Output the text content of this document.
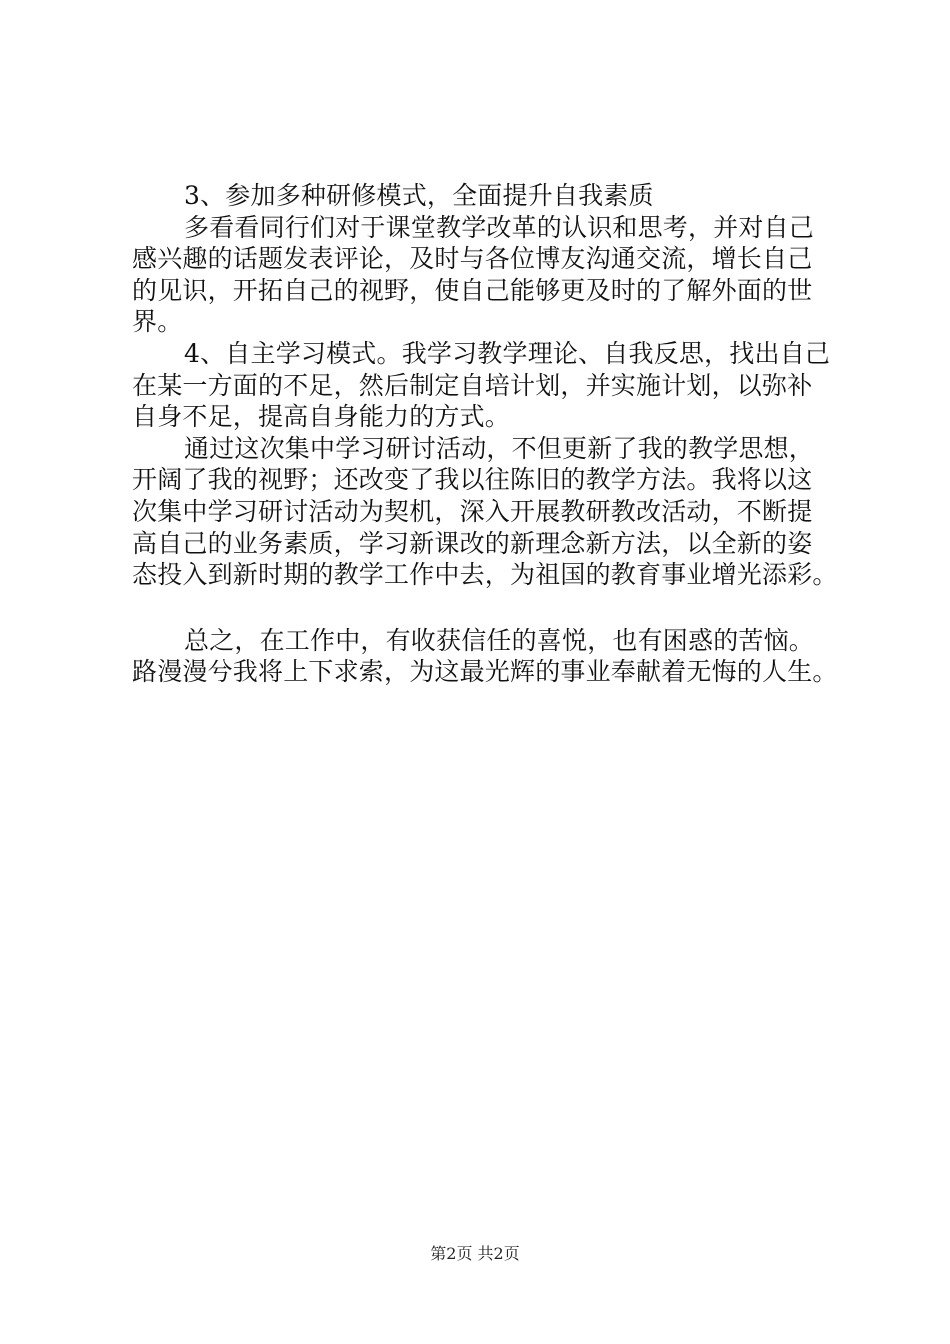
3、参加多种研修模式，全面提升自我素质
多看看同行们对于课堂教学改革的认识和思考，并对自己
感兴趣的话题发表评论，及时与各位博友沟通交流，增长自己
的见识，开拓自己的视野，使自己能够更及时的了解外面的世
界。
4、自主学习模式。我学习教学理论、自我反思，找出自己
在某一方面的不足，然后制定自培计划，并实施计划，以弥补
自身不足，提高自身能力的方式。
通过这次集中学习研讨活动，不但更新了我的教学思想，
开阔了我的视野；还改变了我以往陈旧的教学方法。我将以这
次集中学习研讨活动为契机，深入开展教研教改活动，不断提
高自己的业务素质，学习新课改的新理念新方法，以全新的姿
态投入到新时期的教学工作中去，为祖国的教育事业增光添彩。
总之，在工作中，有收获信任的喜悦，也有困惑的苦恼。
路漫漫兮我将上下求索，为这最光辉的事业奉献着无悔的人生。
第2页 共2页
